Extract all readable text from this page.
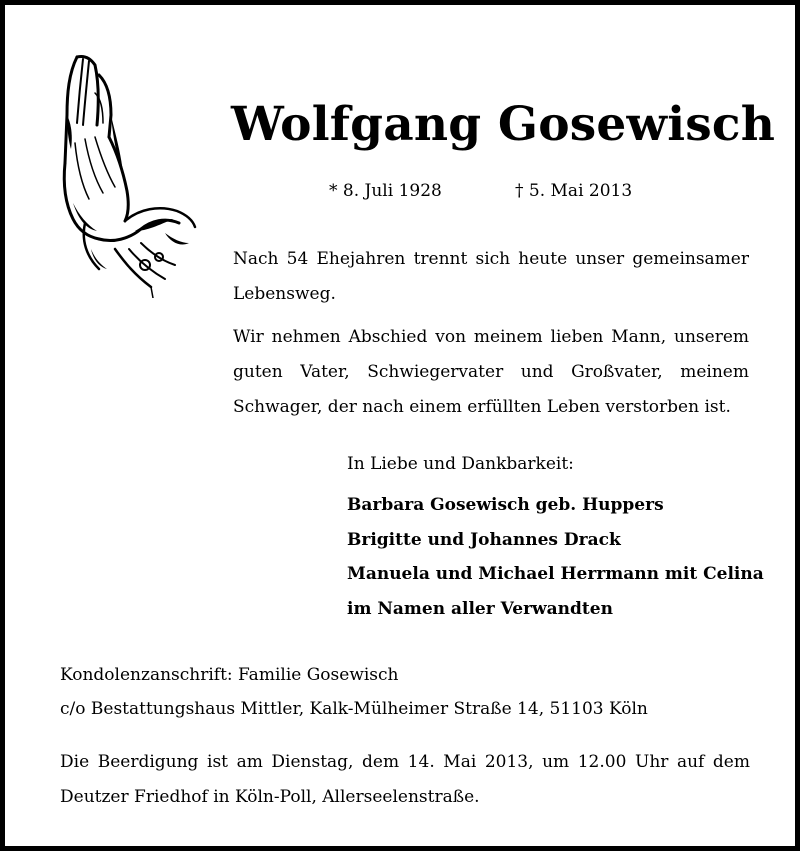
Wolfgang Gosewisch
* 8. Juli 1928	† 5. Mai 2013

Nach 54 Ehejahren trennt sich heute unser gemeinsamer Lebensweg.

Wir nehmen Abschied von meinem lieben Mann, unserem guten Vater, Schwiegervater und Großvater, meinem Schwager, der nach einem erfüllten Leben verstorben ist.

In Liebe und Dankbarkeit:

Barbara Gosewisch geb. Huppers
Brigitte und Johannes Drack
Manuela und Michael Herrmann mit Celina
im Namen aller Verwandten

Kondolenzanschrift: Familie Gosewisch

c/o Bestattungshaus Mittler, Kalk-Mülheimer Straße 14, 51103 Köln

Die Beerdigung ist am Dienstag, dem 14. Mai 2013, um 12.00 Uhr auf dem Deutzer Friedhof in Köln-Poll, Allerseelenstraße.
